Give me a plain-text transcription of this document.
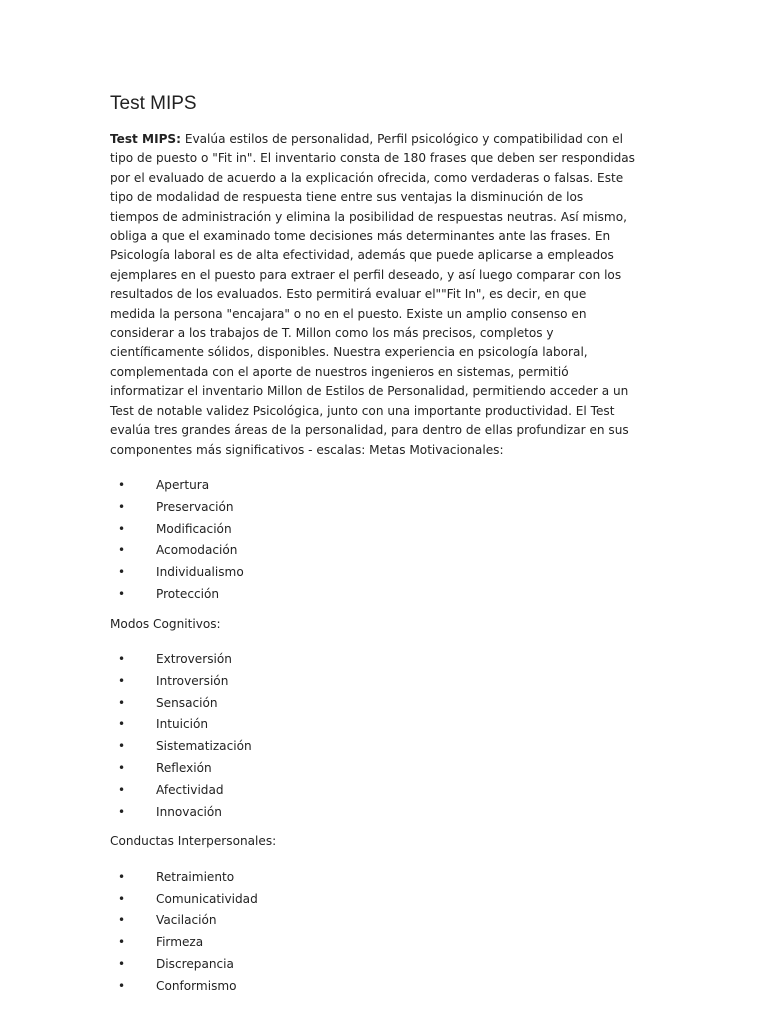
Test MIPS

Test MIPS: Evalúa estilos de personalidad, Perfil psicológico y compatibilidad con el tipo de puesto o "Fit in". El inventario consta de 180 frases que deben ser respondidas por el evaluado de acuerdo a la explicación ofrecida, como verdaderas o falsas. Este tipo de modalidad de respuesta tiene entre sus ventajas la disminución de los tiempos de administración y elimina la posibilidad de respuestas neutras. Así mismo, obliga a que el examinado tome decisiones más determinantes ante las frases. En Psicología laboral es de alta efectividad, además que puede aplicarse a empleados ejemplares en el puesto para extraer el perfil deseado, y así luego comparar con los resultados de los evaluados. Esto permitirá evaluar el""Fit In", es decir, en que medida la persona "encajara" o no en el puesto. Existe un amplio consenso en considerar a los trabajos de T. Millon como los más precisos, completos y científicamente sólidos, disponibles. Nuestra experiencia en psicología laboral, complementada con el aporte de nuestros ingenieros en sistemas, permitió informatizar el inventario Millon de Estilos de Personalidad, permitiendo acceder a un Test de notable validez Psicológica, junto con una importante productividad. El Test evalúa tres grandes áreas de la personalidad, para dentro de ellas profundizar en sus componentes más significativos - escalas: Metas Motivacionales:

•	Apertura
•	Preservación
•	Modificación
•	Acomodación
•	Individualismo
•	Protección

Modos Cognitivos:

•	Extroversión
•	Introversión
•	Sensación
•	Intuición
•	Sistematización
•	Reflexión
•	Afectividad
•	Innovación

Conductas Interpersonales:

•	Retraimiento
•	Comunicatividad
•	Vacilación
•	Firmeza
•	Discrepancia
•	Conformismo
